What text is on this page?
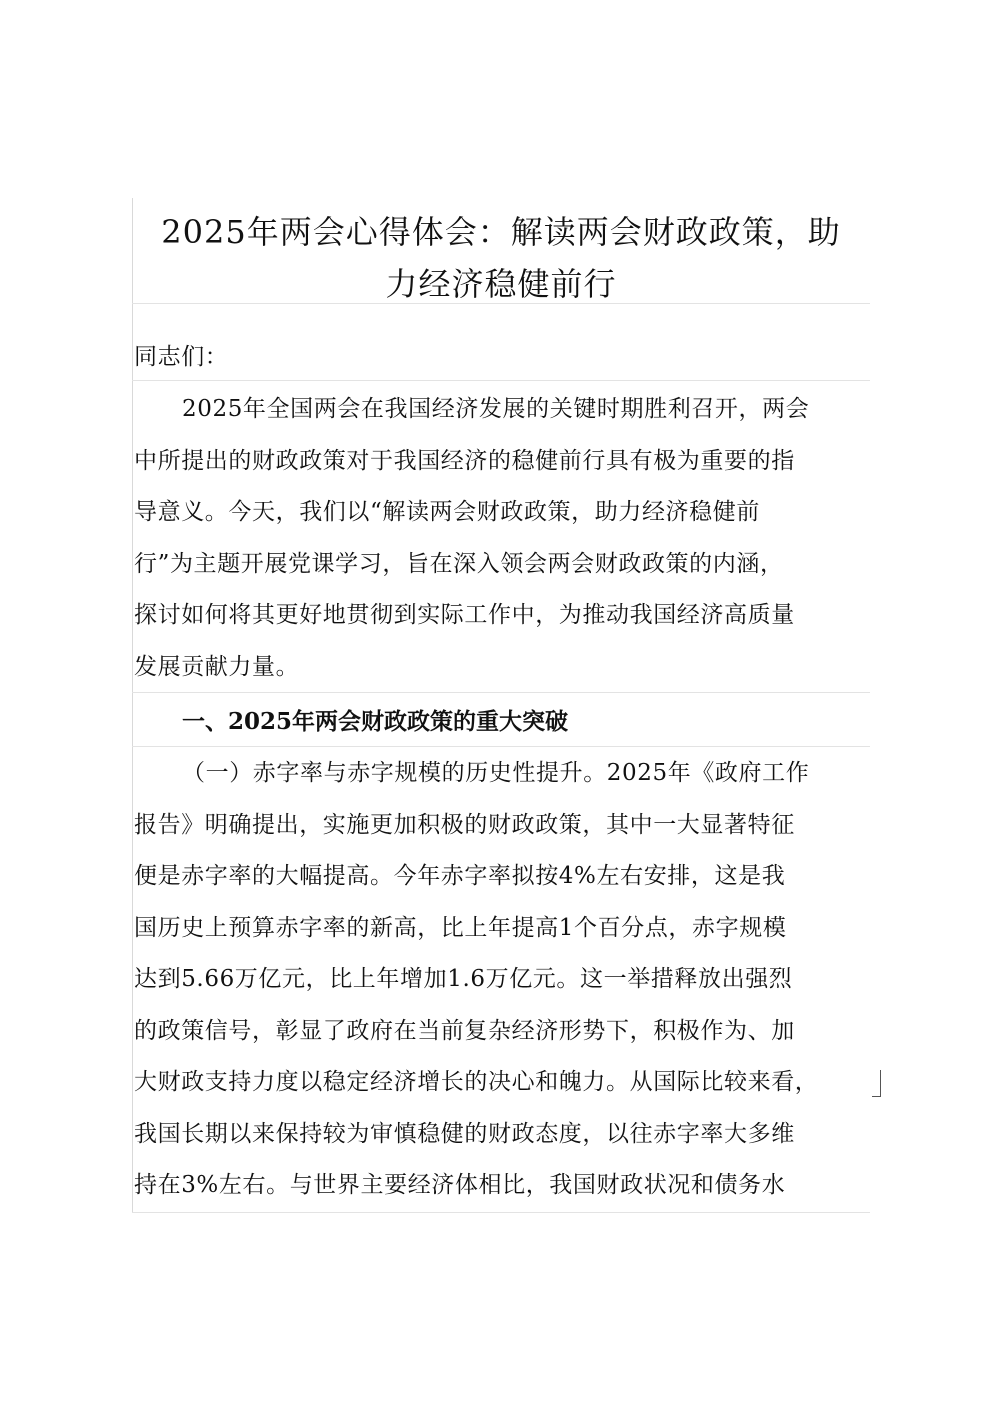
2025年两会心得体会：解读两会财政政策，助
力经济稳健前行

同志们：

2025年全国两会在我国经济发展的关键时期胜利召开，两会
中所提出的财政政策对于我国经济的稳健前行具有极为重要的指
导意义。今天，我们以“解读两会财政政策，助力经济稳健前
行”为主题开展党课学习，旨在深入领会两会财政政策的内涵，
探讨如何将其更好地贯彻到实际工作中，为推动我国经济高质量
发展贡献力量。
一、2025年两会财政政策的重大突破
（一）赤字率与赤字规模的历史性提升。2025年《政府工作
报告》明确提出，实施更加积极的财政政策，其中一大显著特征
便是赤字率的大幅提高。今年赤字率拟按4%左右安排，这是我
国历史上预算赤字率的新高，比上年提高1个百分点，赤字规模
达到5.66万亿元，比上年增加1.6万亿元。这一举措释放出强烈
的政策信号，彰显了政府在当前复杂经济形势下，积极作为、加
大财政支持力度以稳定经济增长的决心和魄力。从国际比较来看，
我国长期以来保持较为审慎稳健的财政态度，以往赤字率大多维
持在3%左右。与世界主要经济体相比，我国财政状况和债务水
